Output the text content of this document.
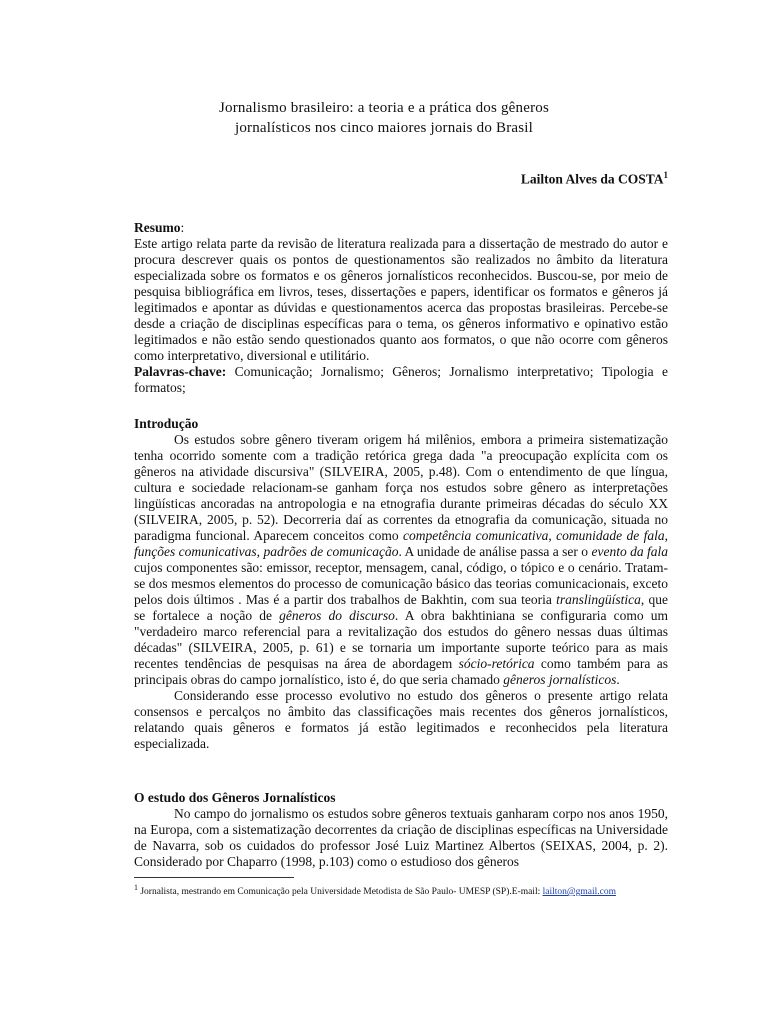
Jornalismo brasileiro: a teoria e a prática dos gêneros
jornalísticos nos cinco maiores jornais do Brasil
Lailton Alves da COSTA$^1$

Resumo:
Este artigo relata parte da revisão de literatura realizada para a dissertação de mestrado do autor e procura descrever quais os pontos de questionamentos são realizados no âmbito da literatura especializada sobre os formatos e os gêneros jornalísticos reconhecidos. Buscou-se, por meio de pesquisa bibliográfica em livros, teses, dissertações e papers, identificar os formatos e gêneros já legitimados e apontar as dúvidas e questionamentos acerca das propostas brasileiras. Percebe-se desde a criação de disciplinas específicas para o tema, os gêneros informativo e opinativo estão legitimados e não estão sendo questionados quanto aos formatos, o que não ocorre com gêneros como interpretativo, diversional e utilitário.

Palavras-chave: Comunicação; Jornalismo; Gêneros; Jornalismo interpretativo; Tipologia e formatos;

Introdução

Os estudos sobre gênero tiveram origem há milênios, embora a primeira sistematização tenha ocorrido somente com a tradição retórica grega dada "a preocupação explícita com os gêneros na atividade discursiva" (SILVEIRA, 2005, p.48). Com o entendimento de que língua, cultura e sociedade relacionam-se ganham força nos estudos sobre gênero as interpretações lingüísticas ancoradas na antropologia e na etnografia durante primeiras décadas do século XX (SILVEIRA, 2005, p. 52). Decorreria daí as correntes da etnografia da comunicação, situada no paradigma funcional. Aparecem conceitos como competência comunicativa, comunidade de fala, funções comunicativas, padrões de comunicação. A unidade de análise passa a ser o evento da fala cujos componentes são: emissor, receptor, mensagem, canal, código, o tópico e o cenário. Tratam-se dos mesmos elementos do processo de comunicação básico das teorias comunicacionais, exceto pelos dois últimos . Mas é a partir dos trabalhos de Bakhtin, com sua teoria translingüística, que se fortalece a noção de gêneros do discurso. A obra bakhtiniana se configuraria como um "verdadeiro marco referencial para a revitalização dos estudos do gênero nessas duas últimas décadas" (SILVEIRA, 2005, p. 61) e se tornaria um importante suporte teórico para as mais recentes tendências de pesquisas na área de abordagem sócio-retórica como também para as principais obras do campo jornalístico, isto é, do que seria chamado gêneros jornalísticos.

Considerando esse processo evolutivo no estudo dos gêneros o presente artigo relata consensos e percalços no âmbito das classificações mais recentes dos gêneros jornalísticos, relatando quais gêneros e formatos já estão legitimados e reconhecidos pela literatura especializada.

O estudo dos Gêneros Jornalísticos

No campo do jornalismo os estudos sobre gêneros textuais ganharam corpo nos anos 1950, na Europa, com a sistematização decorrentes da criação de disciplinas específicas na Universidade de Navarra, sob os cuidados do professor José Luiz Martinez Albertos (SEIXAS, 2004, p. 2). Considerado por Chaparro (1998, p.103) como o estudioso dos gêneros

$^1$ Jornalista, mestrando em Comunicação pela Universidade Metodista de São Paulo- UMESP (SP).E-mail: lailton@gmail.com
